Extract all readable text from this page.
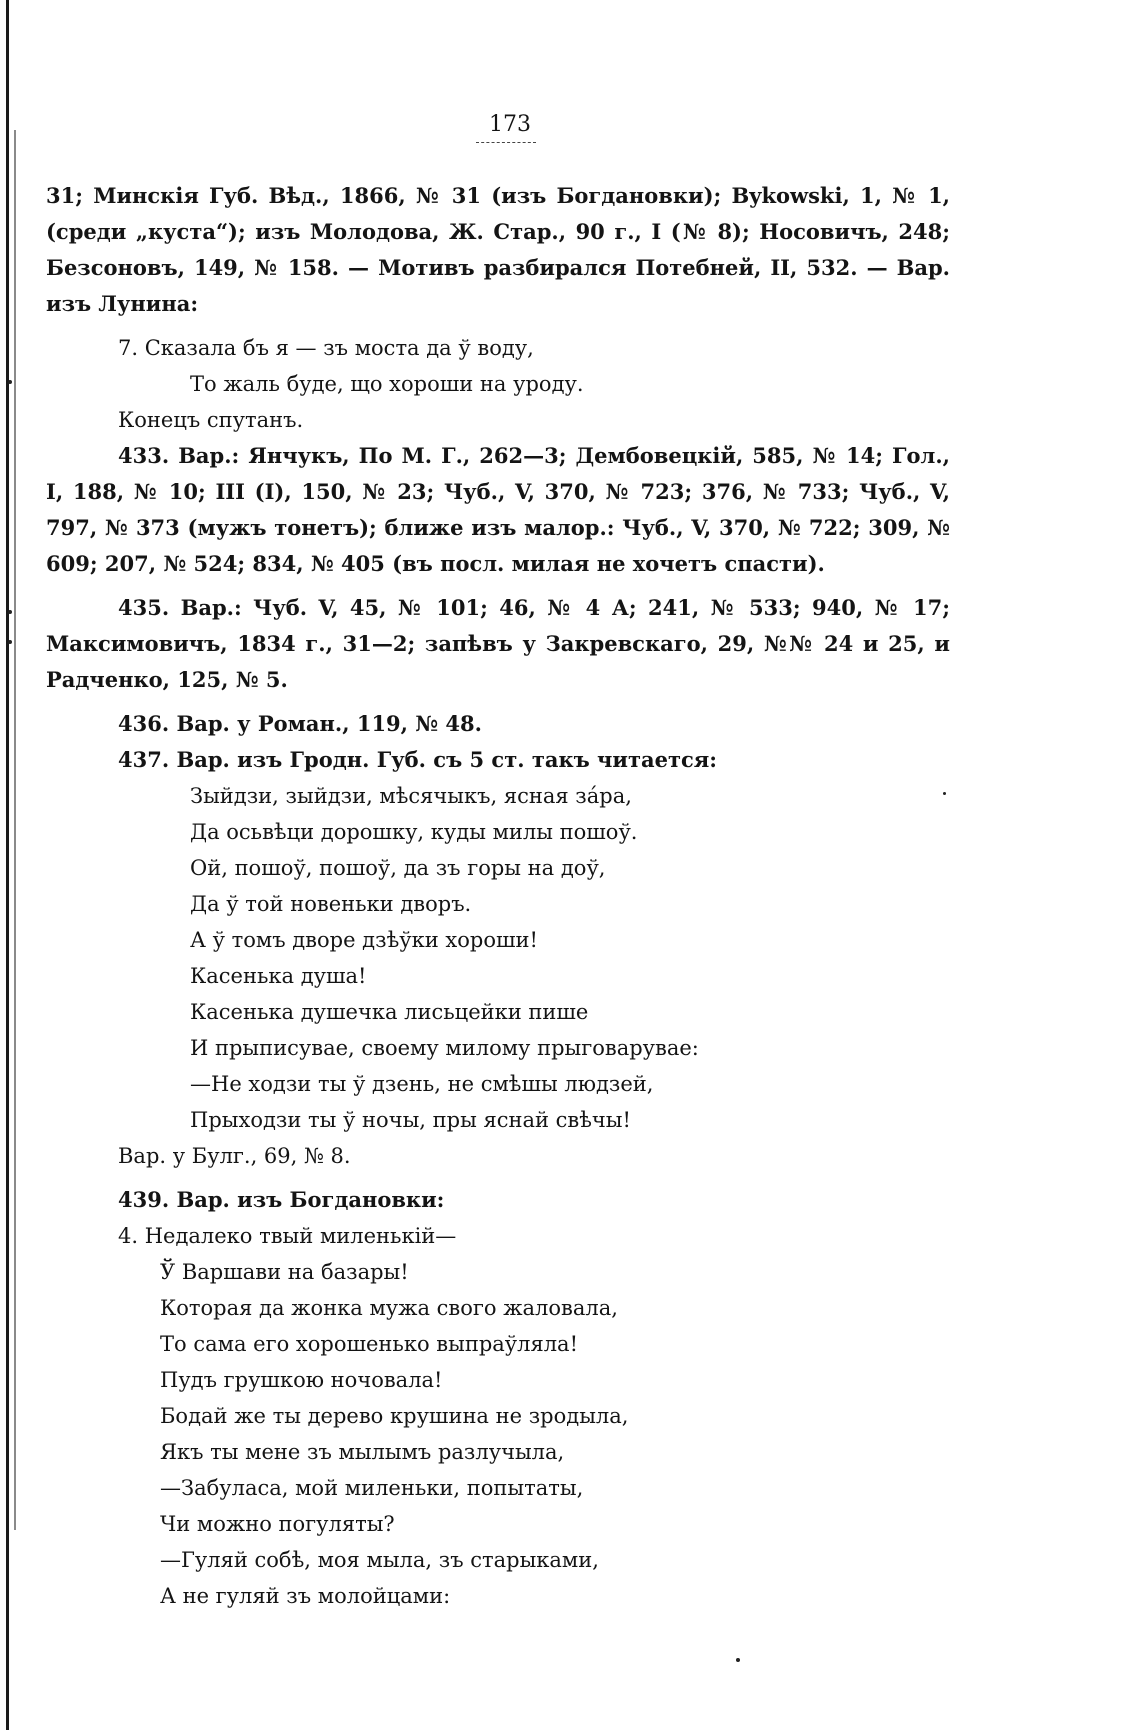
173

31; Минскія Губ. Вѣд., 1866, № 31 (изъ Богдановки); Bykowski, 1, № 1, (среди „куста“); изъ Молодова, Ж. Стар., 90 г., I (№ 8); Носовичъ, 248; Безсоновъ, 149, № 158. — Мотивъ разбирался Потебней, II, 532. — Вар. изъ Лунина:

7. Сказала бъ я — зъ моста да ў воду,
То жаль буде, що хороши на уроду.
Конецъ спутанъ.

433. Вар.: Янчукъ, По М. Г., 262—3; Дембовецкій, 585, № 14; Гол., I, 188, № 10; III (I), 150, № 23; Чуб., V, 370, № 723; 376, № 733; Чуб., V, 797, № 373 (мужъ тонетъ); ближе изъ малор.: Чуб., V, 370, № 722; 309, № 609; 207, № 524; 834, № 405 (въ посл. милая не хочетъ спасти).

435. Вар.: Чуб. V, 45, № 101; 46, № 4 А; 241, № 533; 940, № 17; Максимовичъ, 1834 г., 31—2; запѣвъ у Закревскаго, 29, №№ 24 и 25, и Радченко, 125, № 5.

436. Вар. у Роман., 119, № 48.

437. Вар. изъ Гродн. Губ. съ 5 ст. такъ читается:

Зыйдзи, зыйдзи, мѣсячыкъ, ясная за́ра,
Да осьвѣци дорошку, куды милы пошоў.
Ой, пошоў, пошоў, да зъ горы на доў,
Да ў той новеньки дворъ.
А ў томъ дворе дзѣўки хороши!
Касенька душа!
Касенька душечка лисьцейки пише
И прыписувае, своему милому прыговарувае:
—Не ходзи ты ў дзень, не смѣшы людзей,
Прыходзи ты ў ночы, пры яснай свѣчы!
Вар. у Булг., 69, № 8.

439. Вар. изъ Богдановки:

4. Недалеко твый миленькій—
Ў Варшави на базары!
Которая да жонка мужа свого жаловала,
То сама его хорошенько выпраўляла!
Пудъ грушкою ночовала!
Бодай же ты дерево крушина не зродыла,
Якъ ты мене зъ мылымъ разлучыла,
—Забуласа, мой миленьки, попытаты,
Чи можно погуляты?
—Гуляй собѣ, моя мыла, зъ старыками,
А не гуляй зъ молойцами:
